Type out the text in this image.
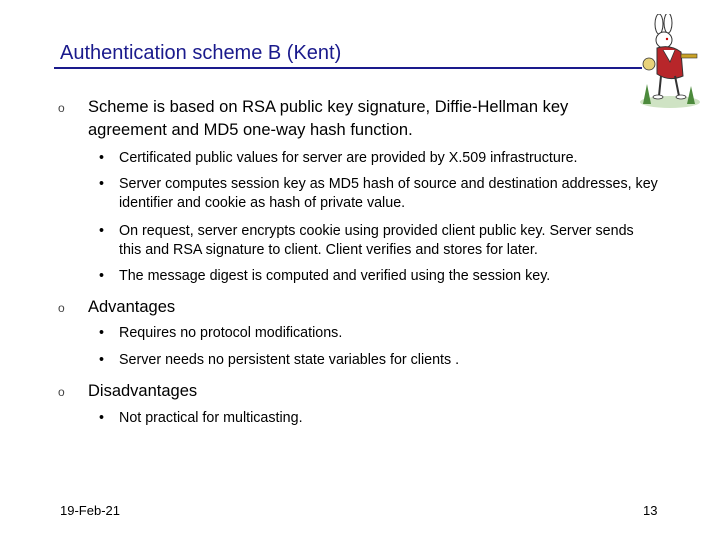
Authentication scheme B (Kent)
o Scheme is based on RSA public key signature, Diffie-Hellman key agreement and MD5 one-way hash function.
• Certificated public values for server are provided by X.509 infrastructure.
• Server computes session key as MD5 hash of source and destination addresses, key identifier and cookie as hash of private value.
• On request, server encrypts cookie using provided client public key. Server sends this and RSA signature to client. Client verifies and stores for later.
• The message digest is computed and verified using the session key.
o Advantages
• Requires no protocol modifications.
• Server needs no persistent state variables for clients .
o Disadvantages
• Not practical for multicasting.
19-Feb-21	13
